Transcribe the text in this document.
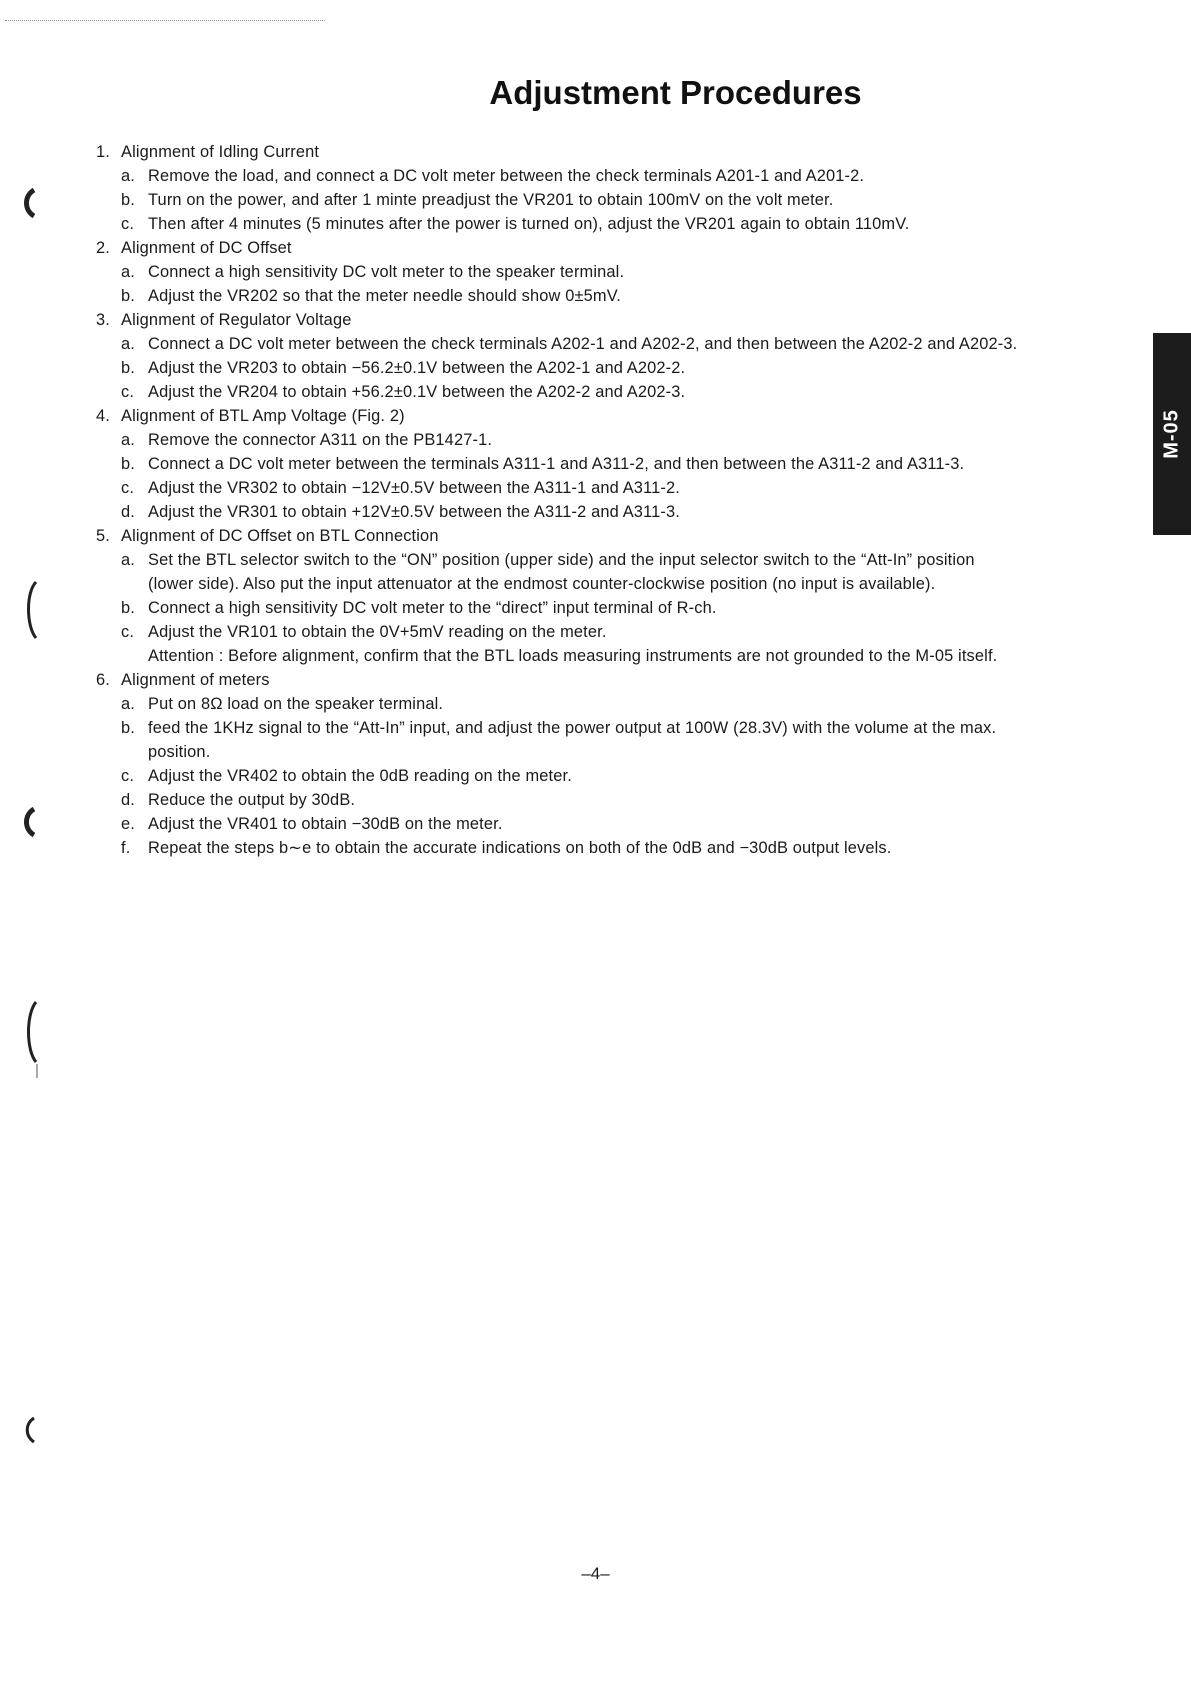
Adjustment Procedures
1. Alignment of Idling Current
a. Remove the load, and connect a DC volt meter between the check terminals A201-1 and A201-2.
b. Turn on the power, and after 1 minte preadjust the VR201 to obtain 100mV on the volt meter.
c. Then after 4 minutes (5 minutes after the power is turned on), adjust the VR201 again to obtain 110mV.
2. Alignment of DC Offset
a. Connect a high sensitivity DC volt meter to the speaker terminal.
b. Adjust the VR202 so that the meter needle should show 0±5mV.
3. Alignment of Regulator Voltage
a. Connect a DC volt meter between the check terminals A202-1 and A202-2, and then between the A202-2 and A202-3.
b. Adjust the VR203 to obtain −56.2±0.1V between the A202-1 and A202-2.
c. Adjust the VR204 to obtain +56.2±0.1V between the A202-2 and A202-3.
4. Alignment of BTL Amp Voltage (Fig. 2)
a. Remove the connector A311 on the PB1427-1.
b. Connect a DC volt meter between the terminals A311-1 and A311-2, and then between the A311-2 and A311-3.
c. Adjust the VR302 to obtain −12V±0.5V between the A311-1 and A311-2.
d. Adjust the VR301 to obtain +12V±0.5V between the A311-2 and A311-3.
5. Alignment of DC Offset on BTL Connection
a. Set the BTL selector switch to the “ON” position (upper side) and the input selector switch to the “Att-In” position (lower side). Also put the input attenuator at the endmost counter-clockwise position (no input is available).
b. Connect a high sensitivity DC volt meter to the “direct” input terminal of R-ch.
c. Adjust the VR101 to obtain the 0V+5mV reading on the meter.
Attention : Before alignment, confirm that the BTL loads measuring instruments are not grounded to the M-05 itself.
6. Alignment of meters
a. Put on 8Ω load on the speaker terminal.
b. feed the 1KHz signal to the “Att-In” input, and adjust the power output at 100W (28.3V) with the volume at the max. position.
c. Adjust the VR402 to obtain the 0dB reading on the meter.
d. Reduce the output by 30dB.
e. Adjust the VR401 to obtain −30dB on the meter.
f.	Repeat the steps b∼e to obtain the accurate indications on both of the 0dB and −30dB output levels.
M-05
–4–
